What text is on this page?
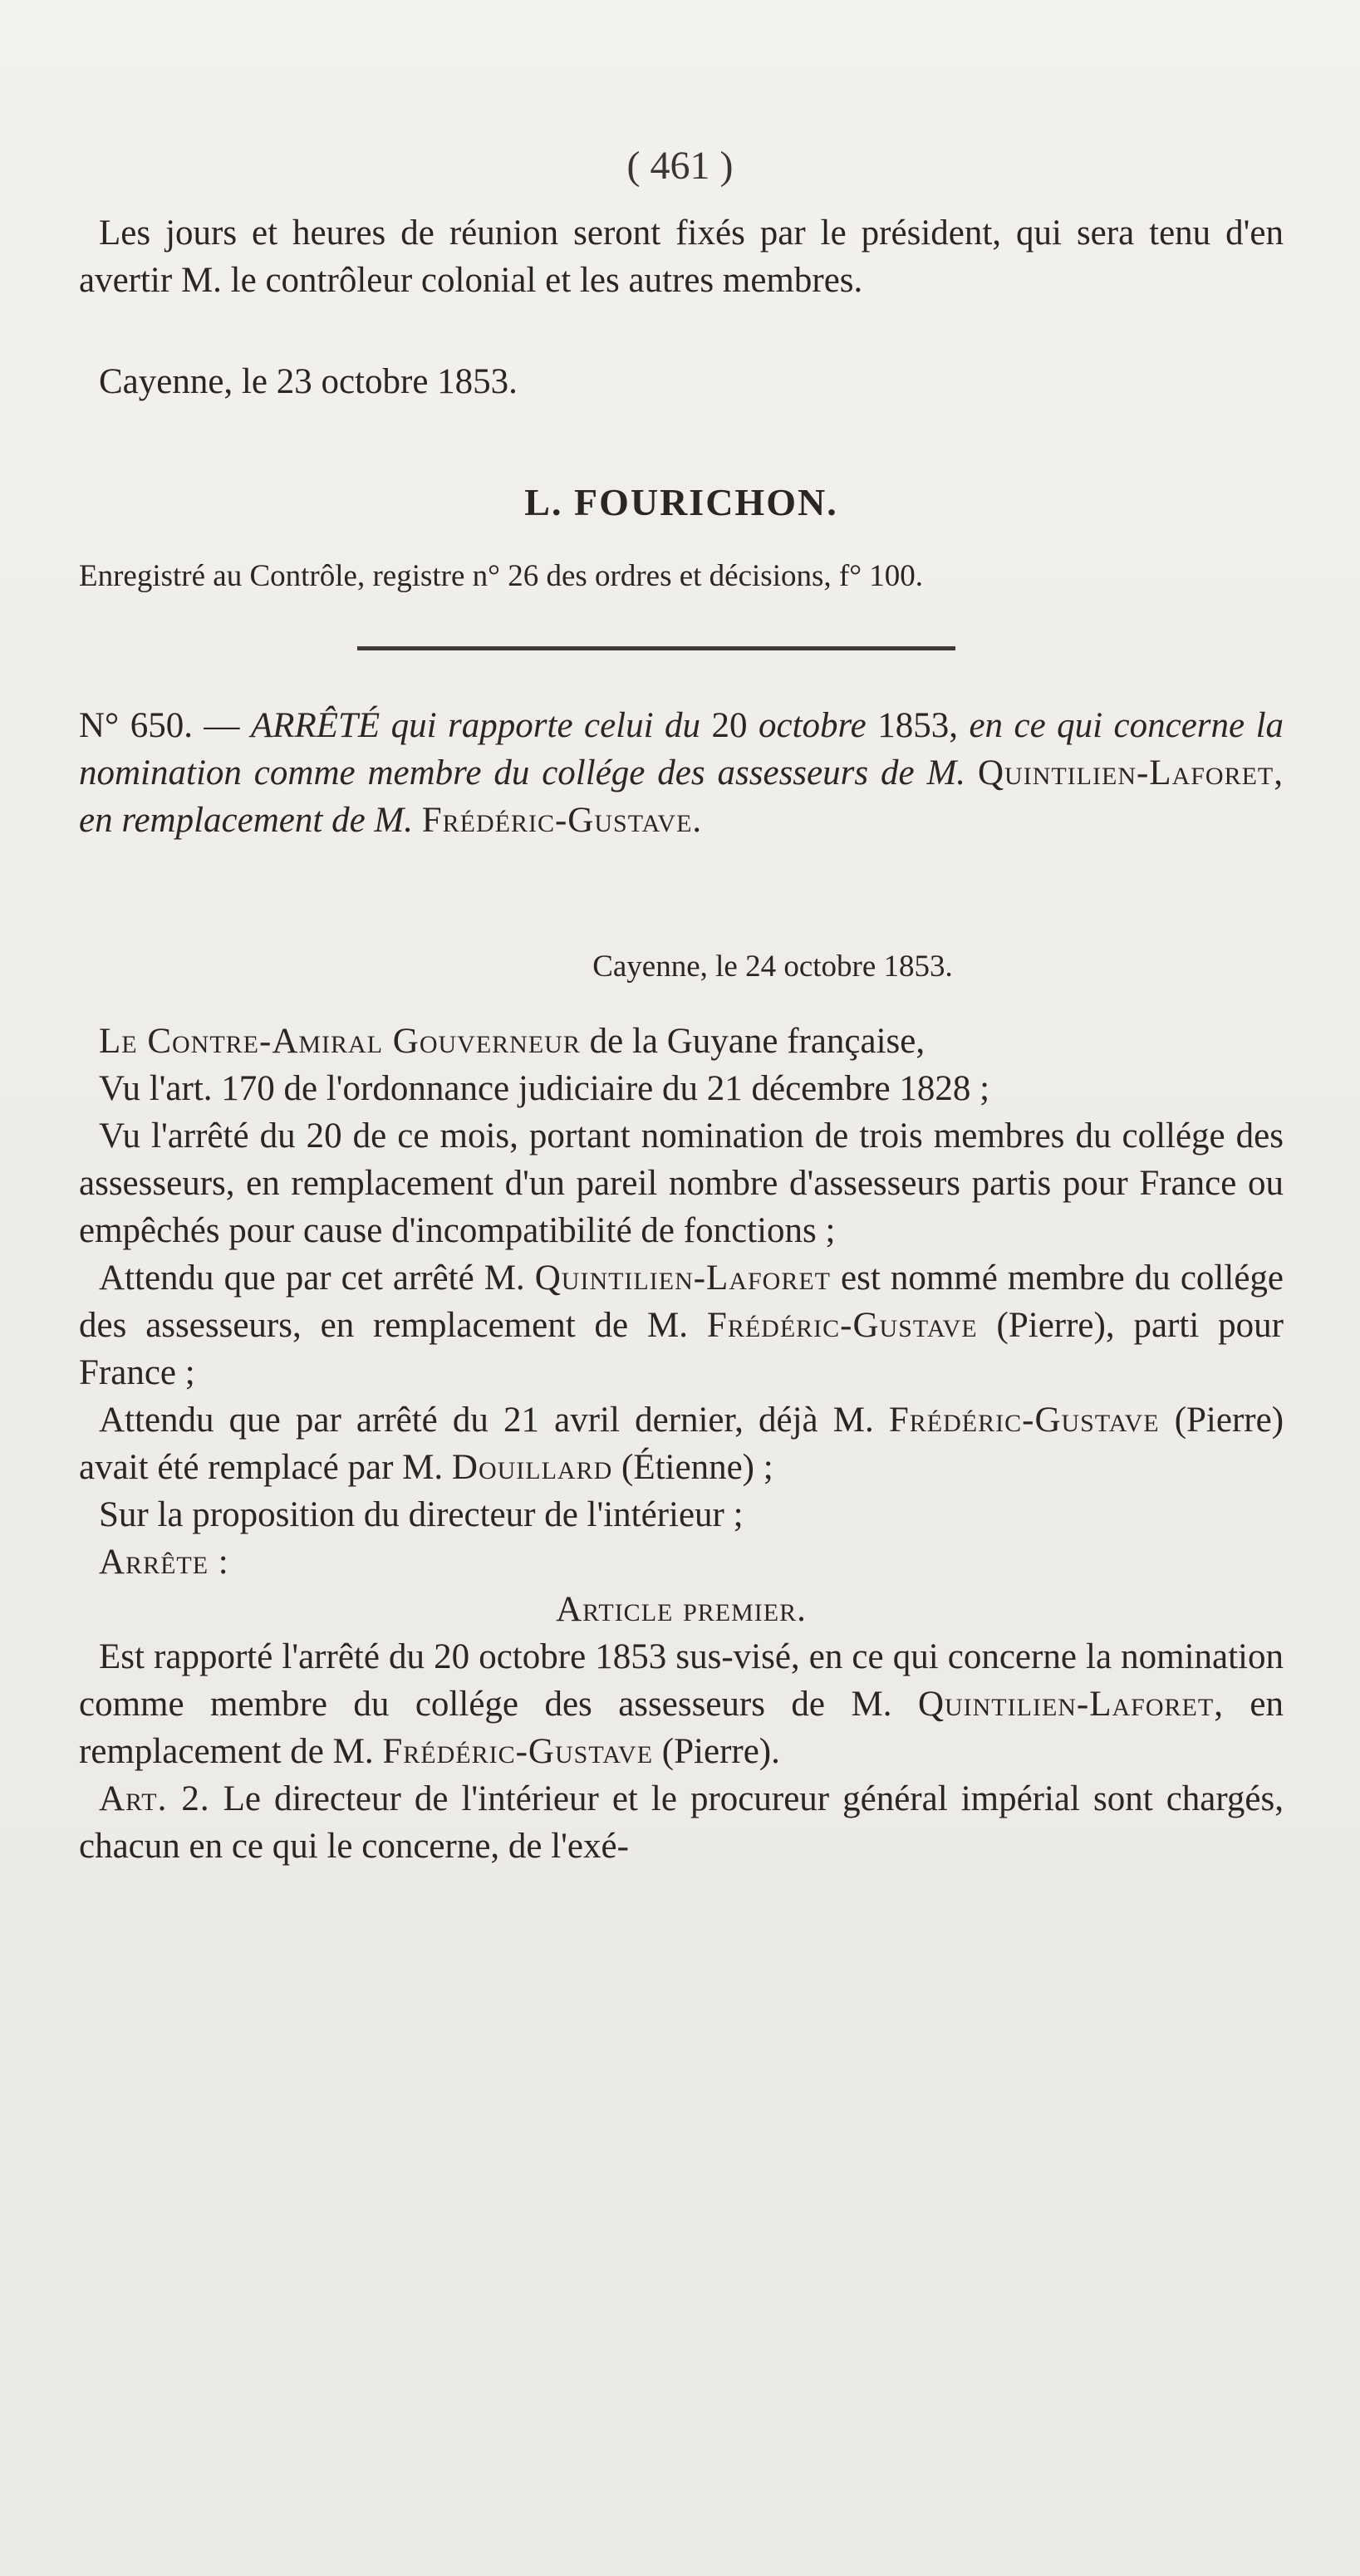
( 461 )

Les jours et heures de réunion seront fixés par le président, qui sera tenu d'en avertir M. le contrôleur colonial et les autres membres.

Cayenne, le 23 octobre 1853.

L. FOURICHON.

Enregistré au Contrôle, registre n° 26 des ordres et décisions, f° 100.

N° 650. — ARRÊTÉ qui rapporte celui du 20 octobre 1853, en ce qui concerne la nomination comme membre du collége des assesseurs de M. Quintilien-Laforet, en remplacement de M. Frédéric-Gustave.

Cayenne, le 24 octobre 1853.

Le Contre-Amiral Gouverneur de la Guyane française,

Vu l'art. 170 de l'ordonnance judiciaire du 21 décembre 1828 ;

Vu l'arrêté du 20 de ce mois, portant nomination de trois membres du collége des assesseurs, en remplacement d'un pareil nombre d'assesseurs partis pour France ou empêchés pour cause d'incompatibilité de fonctions ;

Attendu que par cet arrêté M. Quintilien-Laforet est nommé membre du collége des assesseurs, en remplacement de M. Frédéric-Gustave (Pierre), parti pour France ;

Attendu que par arrêté du 21 avril dernier, déjà M. Frédéric-Gustave (Pierre) avait été remplacé par M. Douillard (Étienne) ;

Sur la proposition du directeur de l'intérieur ;

Arrête :

Article premier.

Est rapporté l'arrêté du 20 octobre 1853 sus-visé, en ce qui concerne la nomination comme membre du collége des assesseurs de M. Quintilien-Laforet, en remplacement de M. Frédéric-Gustave (Pierre).

Art. 2. Le directeur de l'intérieur et le procureur général impérial sont chargés, chacun en ce qui le concerne, de l'exé-
